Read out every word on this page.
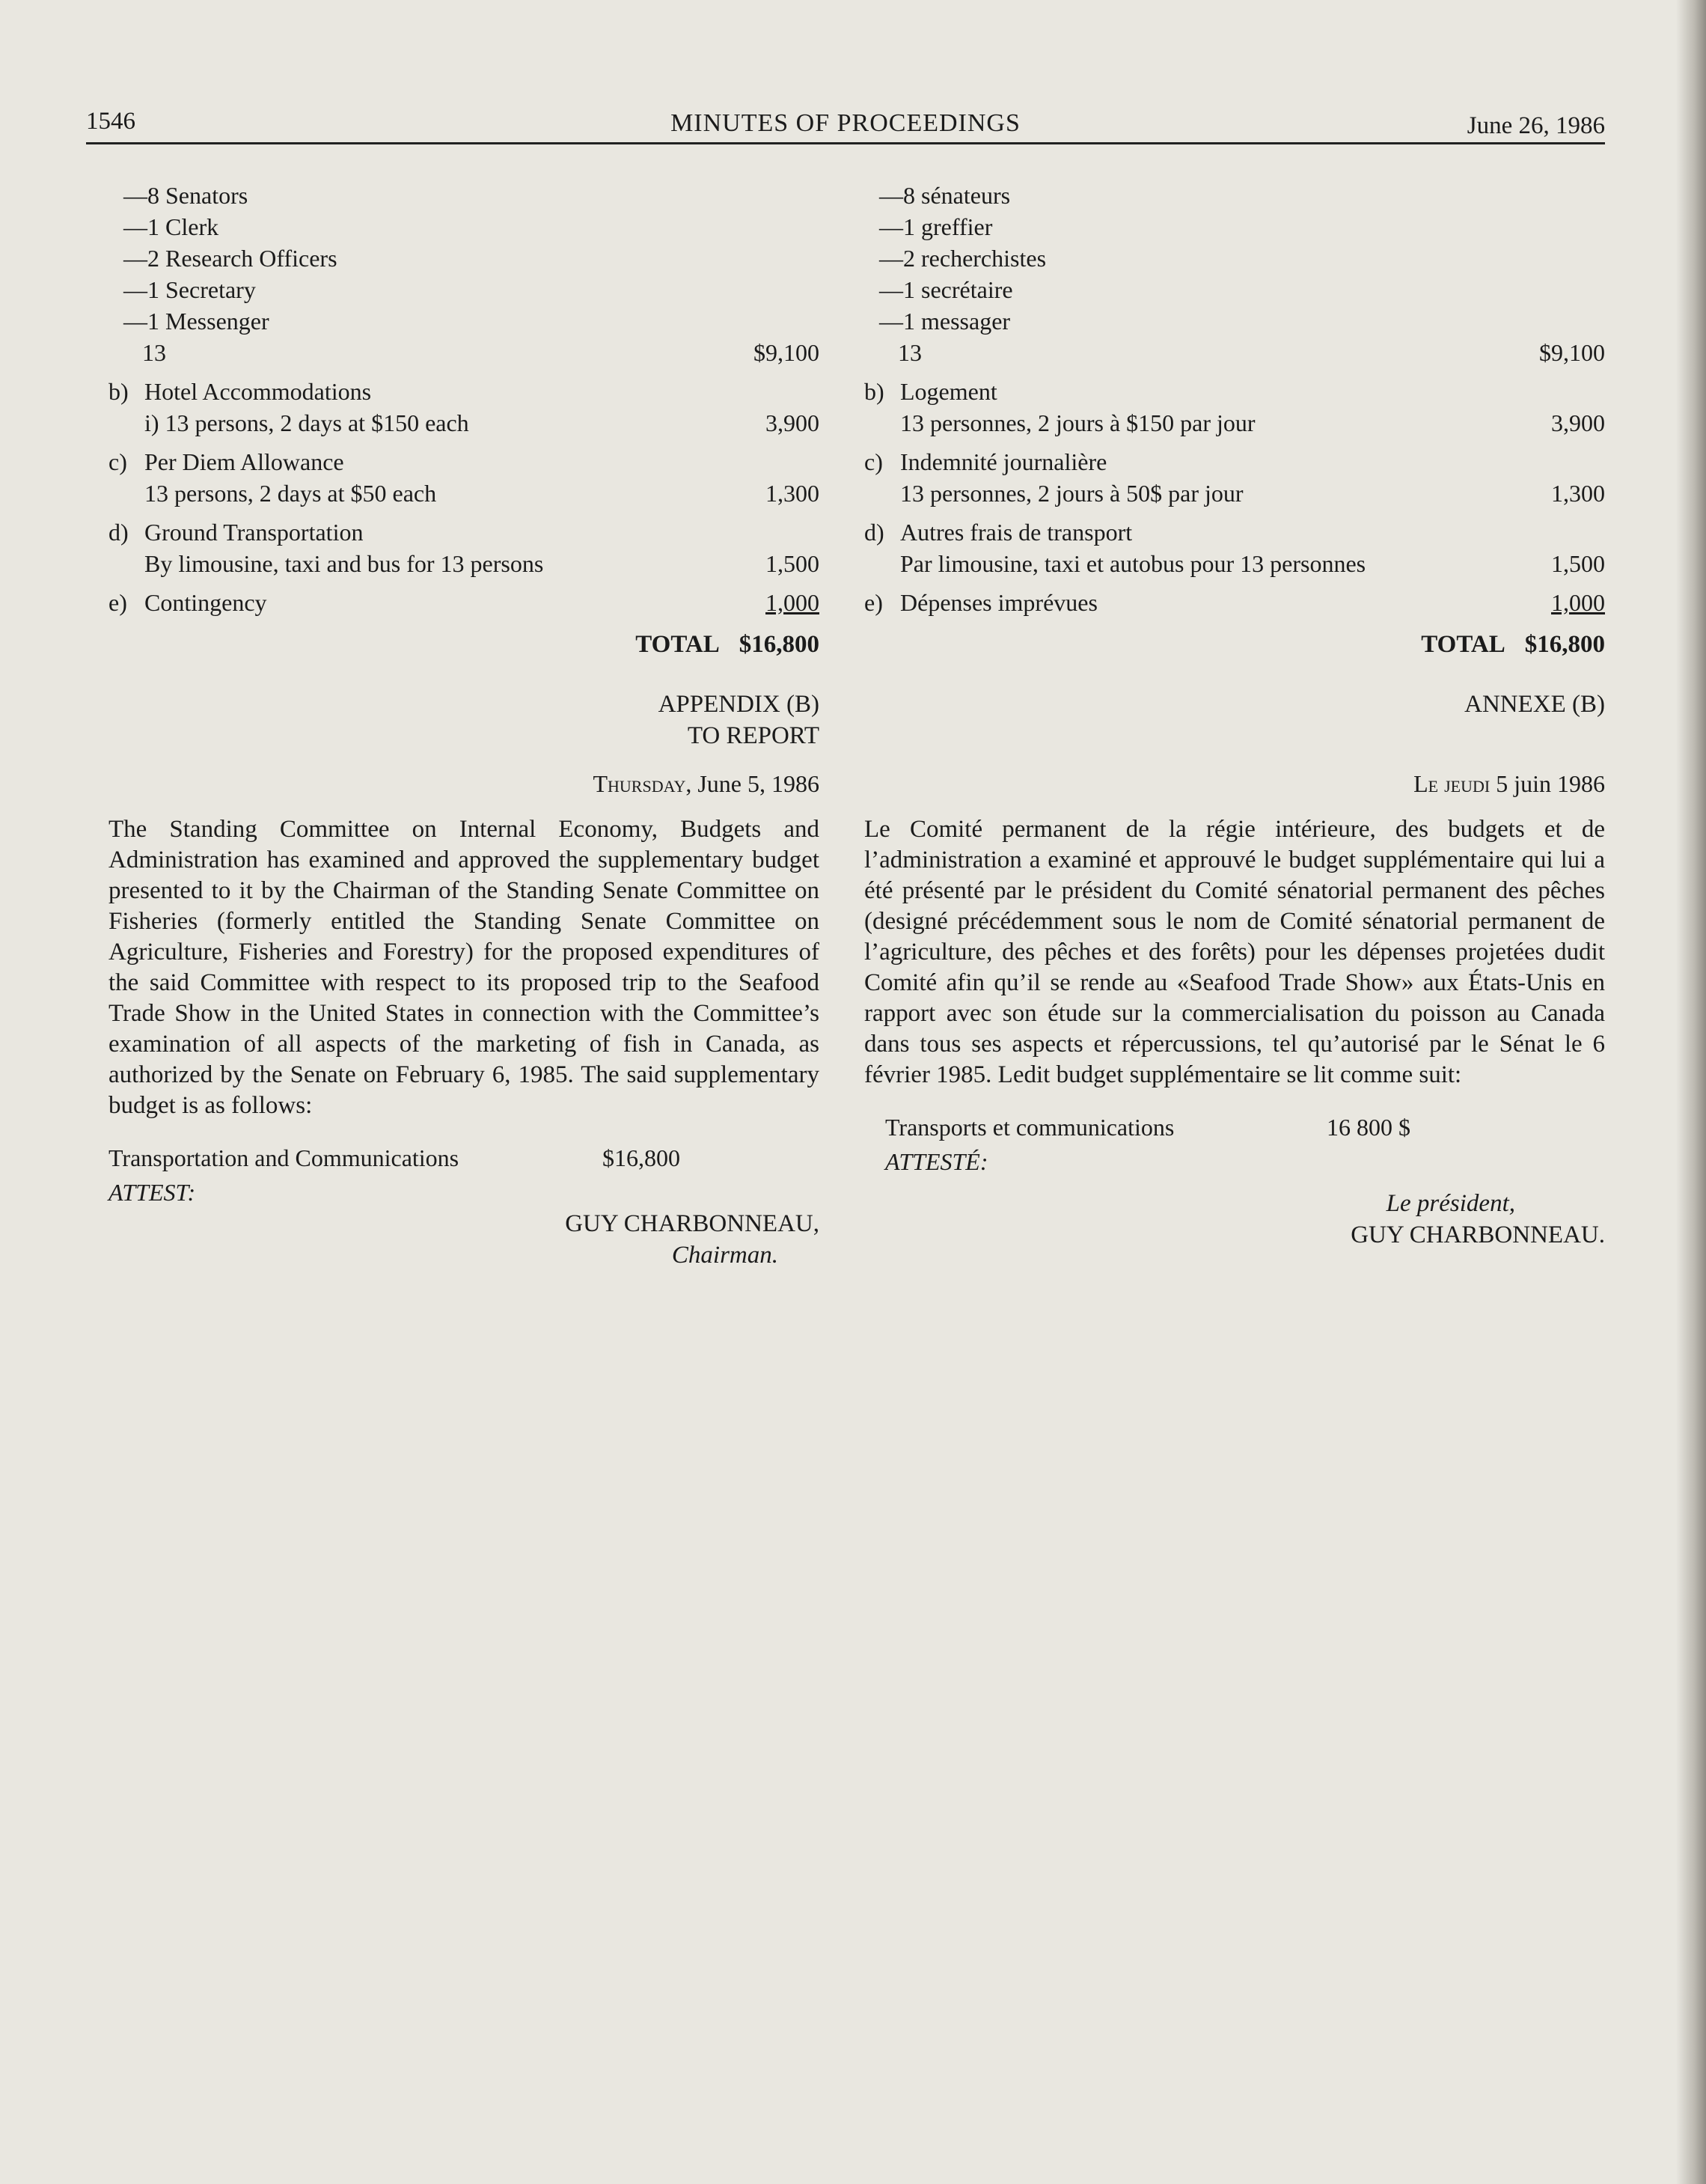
1546	MINUTES OF PROCEEDINGS	June 26, 1986
—8 Senators
—1 Clerk
—2 Research Officers
—1 Secretary
—1 Messenger
13	$9,100
b) Hotel Accommodations
i) 13 persons, 2 days at $150 each	3,900
c) Per Diem Allowance
13 persons, 2 days at $50 each	1,300
d) Ground Transportation
By limousine, taxi and bus for 13 persons	1,500
e) Contingency	1,000
TOTAL $16,800
APPENDIX (B)
TO REPORT
Thursday, June 5, 1986
The Standing Committee on Internal Economy, Budgets and Administration has examined and approved the supplementary budget presented to it by the Chairman of the Standing Senate Committee on Fisheries (formerly entitled the Standing Senate Committee on Agriculture, Fisheries and Forestry) for the proposed expenditures of the said Committee with respect to its proposed trip to the Seafood Trade Show in the United States in connection with the Committee’s examination of all aspects of the marketing of fish in Canada, as authorized by the Senate on February 6, 1985. The said supplementary budget is as follows:
Transportation and Communications	$16,800
ATTEST:
GUY CHARBONNEAU,
Chairman.
—8 sénateurs
—1 greffier
—2 recherchistes
—1 secrétaire
—1 messager
13	$9,100
b) Logement
13 personnes, 2 jours à $150 par jour	3,900
c) Indemnité journalière
13 personnes, 2 jours à 50$ par jour	1,300
d) Autres frais de transport
Par limousine, taxi et autobus pour 13 personnes	1,500
e) Dépenses imprévues	1,000
TOTAL $16,800
ANNEXE (B)
Le jeudi 5 juin 1986
Le Comité permanent de la régie intérieure, des budgets et de l’administration a examiné et approuvé le budget supplémentaire qui lui a été présenté par le président du Comité sénatorial permanent des pêches (designé précédemment sous le nom de Comité sénatorial permanent de l’agriculture, des pêches et des forêts) pour les dépenses projetées dudit Comité afin qu’il se rende au «Seafood Trade Show» aux États-Unis en rapport avec son étude sur la commercialisation du poisson au Canada dans tous ses aspects et répercussions, tel qu’autorisé par le Sénat le 6 février 1985. Ledit budget supplémentaire se lit comme suit:
Transports et communications	16 800 $
ATTESTÉ:
Le président,
GUY CHARBONNEAU.
